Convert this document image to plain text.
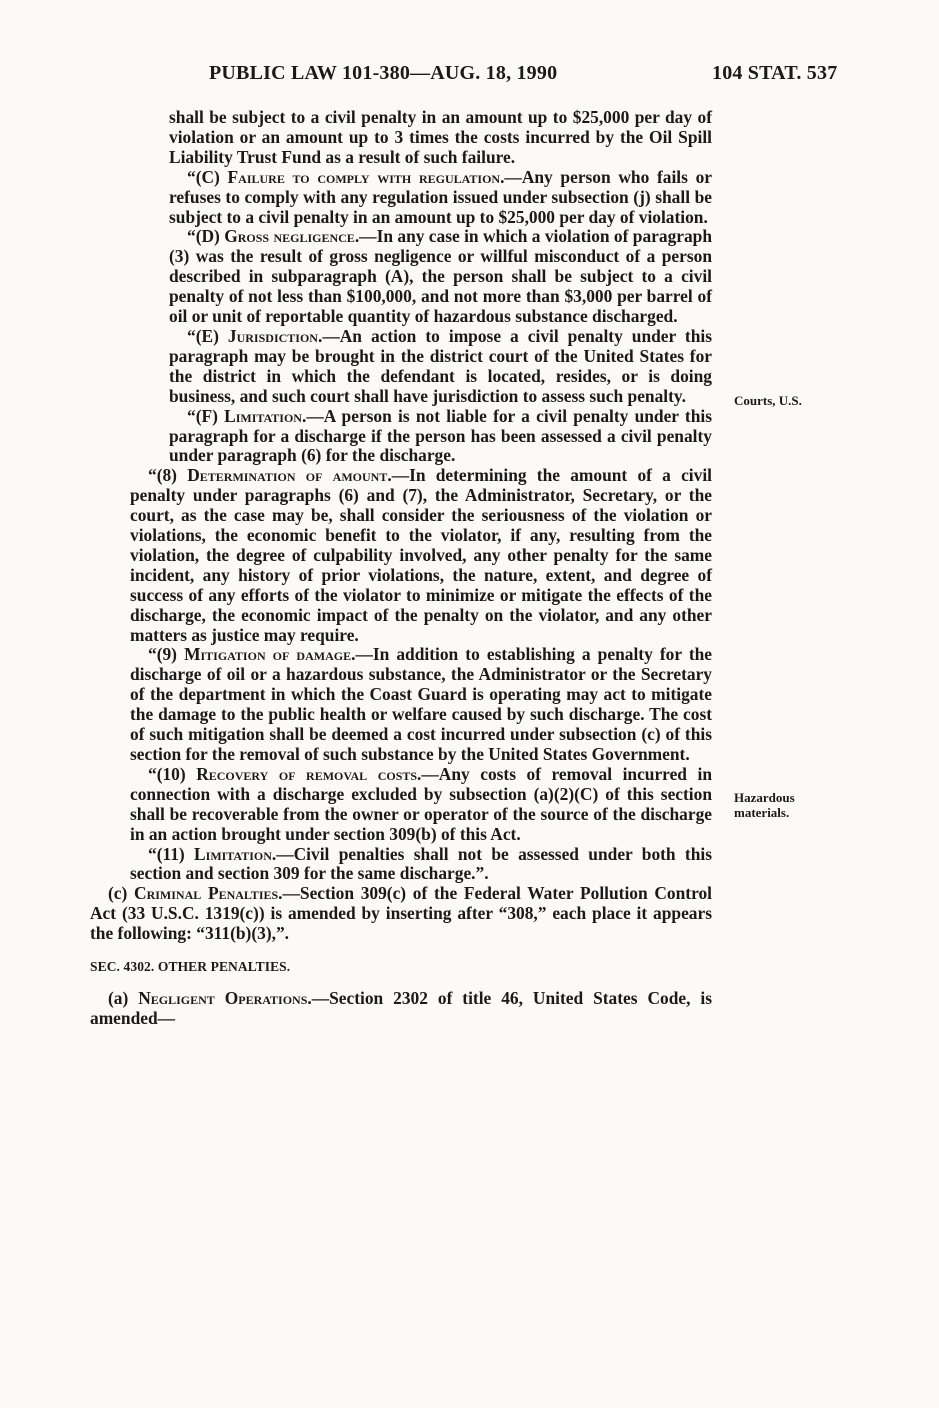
PUBLIC LAW 101-380—AUG. 18, 1990	104 STAT. 537
Courts, U.S.
Hazardous materials.

shall be subject to a civil penalty in an amount up to $25,000 per day of violation or an amount up to 3 times the costs incurred by the Oil Spill Liability Trust Fund as a result of such failure.

“(C) Failure to comply with regulation.—Any person who fails or refuses to comply with any regulation issued under subsection (j) shall be subject to a civil penalty in an amount up to $25,000 per day of violation.

“(D) Gross negligence.—In any case in which a violation of paragraph (3) was the result of gross negligence or willful misconduct of a person described in subparagraph (A), the person shall be subject to a civil penalty of not less than $100,000, and not more than $3,000 per barrel of oil or unit of reportable quantity of hazardous substance discharged.

“(E) Jurisdiction.—An action to impose a civil penalty under this paragraph may be brought in the district court of the United States for the district in which the defendant is located, resides, or is doing business, and such court shall have jurisdiction to assess such penalty.

“(F) Limitation.—A person is not liable for a civil penalty under this paragraph for a discharge if the person has been assessed a civil penalty under paragraph (6) for the discharge.

“(8) Determination of amount.—In determining the amount of a civil penalty under paragraphs (6) and (7), the Administrator, Secretary, or the court, as the case may be, shall consider the seriousness of the violation or violations, the economic benefit to the violator, if any, resulting from the violation, the degree of culpability involved, any other penalty for the same incident, any history of prior violations, the nature, extent, and degree of success of any efforts of the violator to minimize or mitigate the effects of the discharge, the economic impact of the penalty on the violator, and any other matters as justice may require.

“(9) Mitigation of damage.—In addition to establishing a penalty for the discharge of oil or a hazardous substance, the Administrator or the Secretary of the department in which the Coast Guard is operating may act to mitigate the damage to the public health or welfare caused by such discharge. The cost of such mitigation shall be deemed a cost incurred under subsection (c) of this section for the removal of such substance by the United States Government.

“(10) Recovery of removal costs.—Any costs of removal incurred in connection with a discharge excluded by subsection (a)(2)(C) of this section shall be recoverable from the owner or operator of the source of the discharge in an action brought under section 309(b) of this Act.

“(11) Limitation.—Civil penalties shall not be assessed under both this section and section 309 for the same discharge.”.

(c) Criminal Penalties.—Section 309(c) of the Federal Water Pollution Control Act (33 U.S.C. 1319(c)) is amended by inserting after “308,” each place it appears the following: “311(b)(3),”.

SEC. 4302. OTHER PENALTIES.

(a) Negligent Operations.—Section 2302 of title 46, United States Code, is amended—
